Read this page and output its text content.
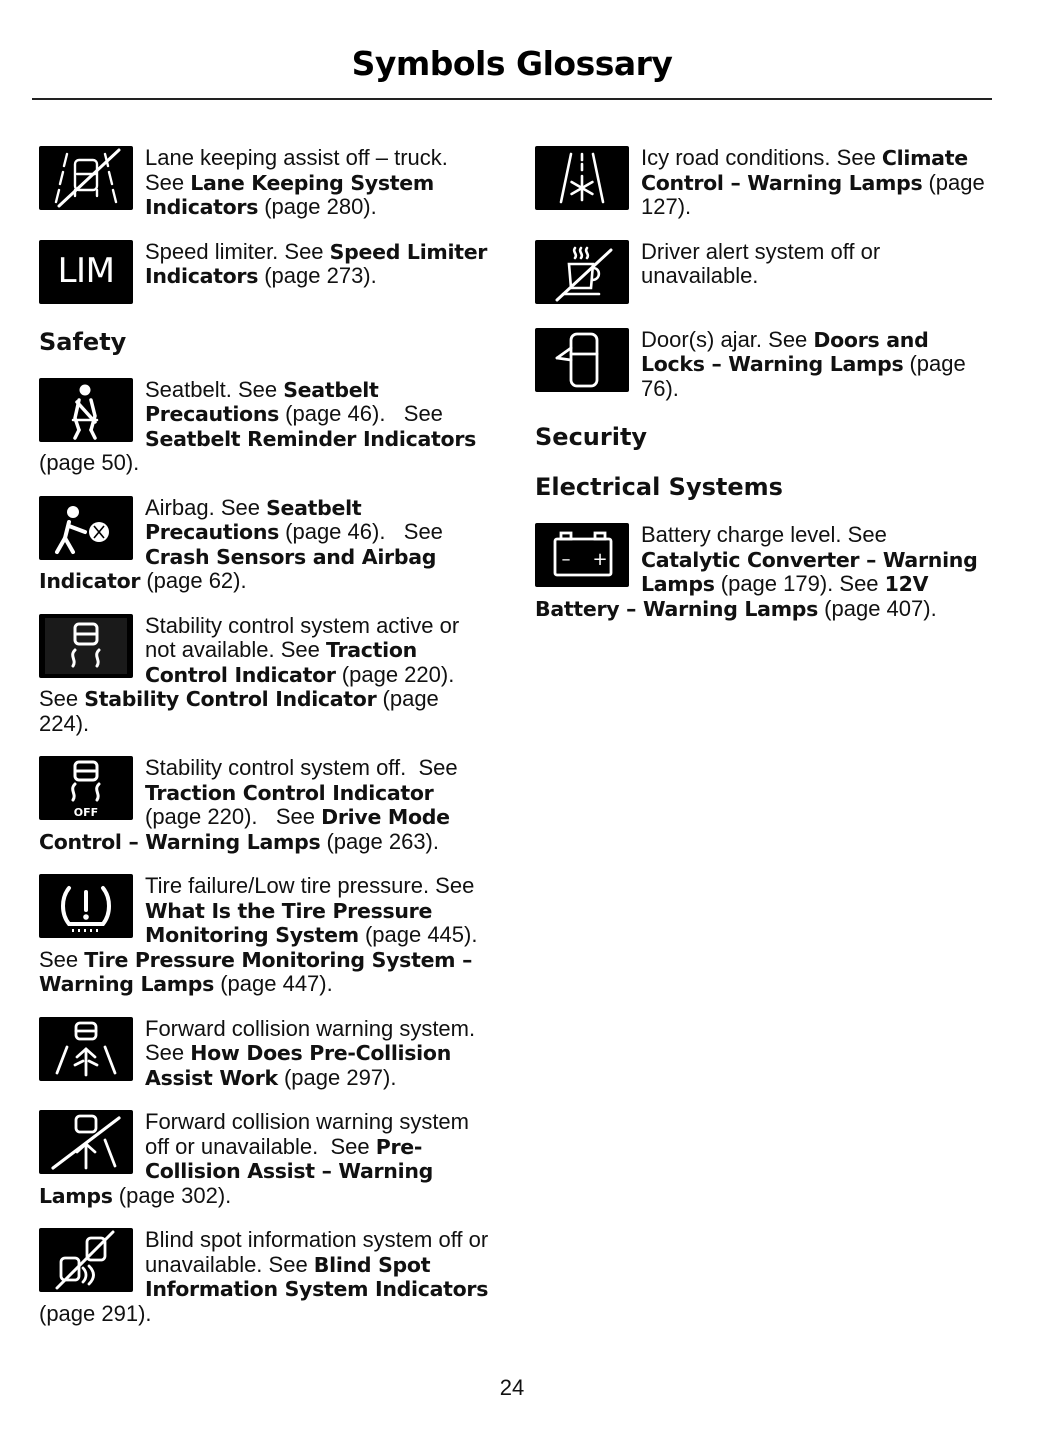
Symbols Glossary
Lane keeping assist off – truck. See Lane Keeping System Indicators (page 280).
LIM
Speed limiter. See Speed Limiter Indicators (page 273).
Safety
Seatbelt. See Seatbelt Precautions (page 46).   See Seatbelt Reminder Indicators (page 50).
Airbag. See Seatbelt Precautions (page 46).   See Crash Sensors and Airbag Indicator (page 62).
Stability control system active or not available. See Traction Control Indicator (page 220). See Stability Control Indicator (page 224).
OFF
Stability control system off.  See Traction Control Indicator (page 220).   See Drive Mode Control – Warning Lamps (page 263).
Tire failure/Low tire pressure. See What Is the Tire Pressure Monitoring System (page 445). See Tire Pressure Monitoring System – Warning Lamps (page 447).
Forward collision warning system. See How Does Pre-Collision Assist Work (page 297).
Forward collision warning system off or unavailable.  See Pre-Collision Assist – Warning Lamps (page 302).
Blind spot information system off or unavailable. See Blind Spot Information System Indicators (page 291).
Icy road conditions. See Climate Control – Warning Lamps (page 127).
Driver alert system off or unavailable.
Door(s) ajar. See Doors and Locks – Warning Lamps (page 76).
Security
Electrical Systems
– +
Battery charge level. See Catalytic Converter – Warning Lamps (page 179). See 12V Battery – Warning Lamps (page 407).
24
